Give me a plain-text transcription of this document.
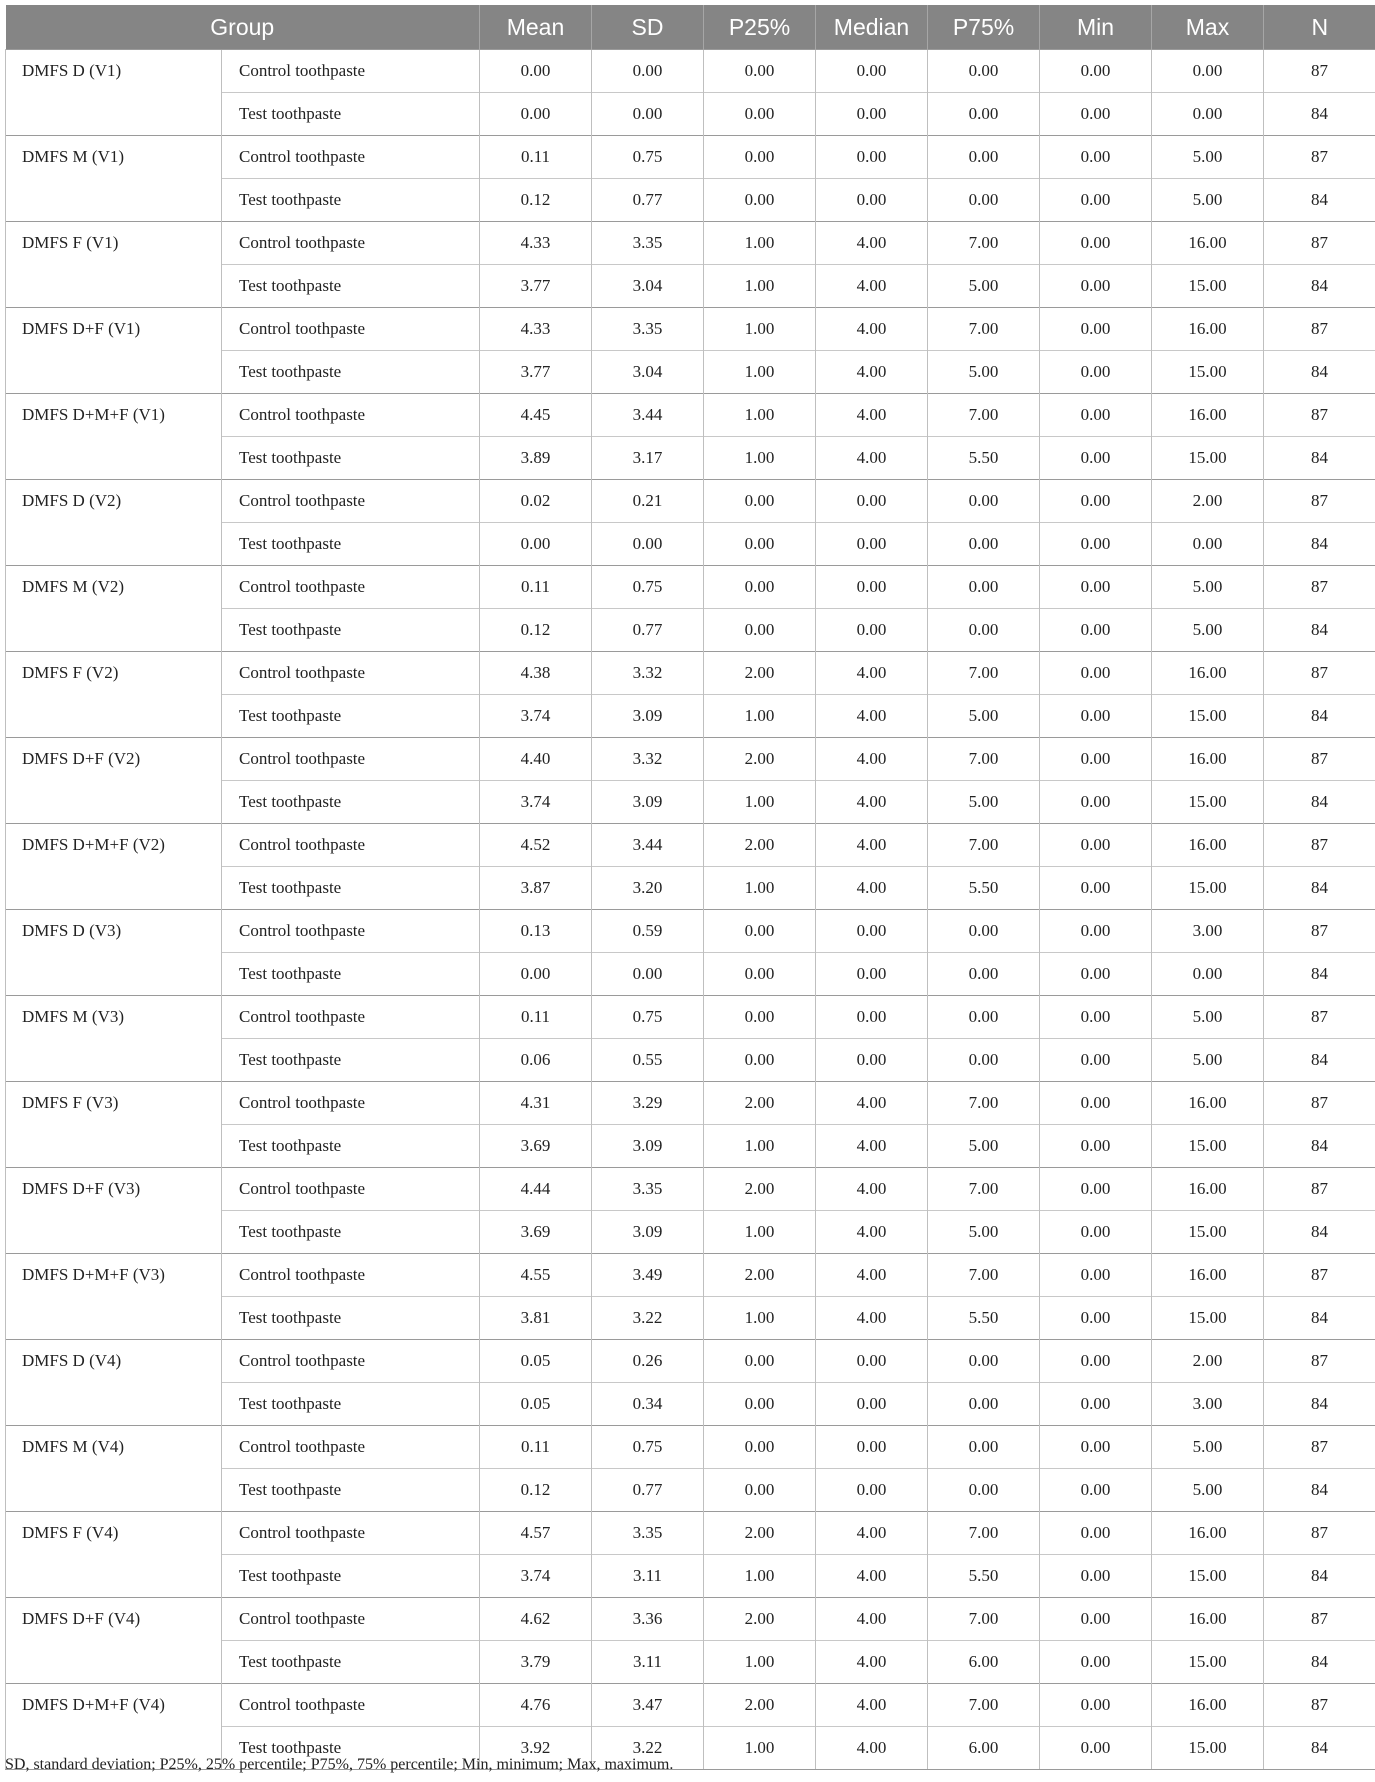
Group		Mean	SD	P25%	Median	P75%	Min	Max	N
DMFS D (V1)	Control toothpaste	0.00	0.00	0.00	0.00	0.00	0.00	0.00	87
	Test toothpaste	0.00	0.00	0.00	0.00	0.00	0.00	0.00	84
DMFS M (V1)	Control toothpaste	0.11	0.75	0.00	0.00	0.00	0.00	5.00	87
	Test toothpaste	0.12	0.77	0.00	0.00	0.00	0.00	5.00	84
DMFS F (V1)	Control toothpaste	4.33	3.35	1.00	4.00	7.00	0.00	16.00	87
	Test toothpaste	3.77	3.04	1.00	4.00	5.00	0.00	15.00	84
DMFS D+F (V1)	Control toothpaste	4.33	3.35	1.00	4.00	7.00	0.00	16.00	87
	Test toothpaste	3.77	3.04	1.00	4.00	5.00	0.00	15.00	84
DMFS D+M+F (V1)	Control toothpaste	4.45	3.44	1.00	4.00	7.00	0.00	16.00	87
	Test toothpaste	3.89	3.17	1.00	4.00	5.50	0.00	15.00	84
DMFS D (V2)	Control toothpaste	0.02	0.21	0.00	0.00	0.00	0.00	2.00	87
	Test toothpaste	0.00	0.00	0.00	0.00	0.00	0.00	0.00	84
DMFS M (V2)	Control toothpaste	0.11	0.75	0.00	0.00	0.00	0.00	5.00	87
	Test toothpaste	0.12	0.77	0.00	0.00	0.00	0.00	5.00	84
DMFS F (V2)	Control toothpaste	4.38	3.32	2.00	4.00	7.00	0.00	16.00	87
	Test toothpaste	3.74	3.09	1.00	4.00	5.00	0.00	15.00	84
DMFS D+F (V2)	Control toothpaste	4.40	3.32	2.00	4.00	7.00	0.00	16.00	87
	Test toothpaste	3.74	3.09	1.00	4.00	5.00	0.00	15.00	84
DMFS D+M+F (V2)	Control toothpaste	4.52	3.44	2.00	4.00	7.00	0.00	16.00	87
	Test toothpaste	3.87	3.20	1.00	4.00	5.50	0.00	15.00	84
DMFS D (V3)	Control toothpaste	0.13	0.59	0.00	0.00	0.00	0.00	3.00	87
	Test toothpaste	0.00	0.00	0.00	0.00	0.00	0.00	0.00	84
DMFS M (V3)	Control toothpaste	0.11	0.75	0.00	0.00	0.00	0.00	5.00	87
	Test toothpaste	0.06	0.55	0.00	0.00	0.00	0.00	5.00	84
DMFS F (V3)	Control toothpaste	4.31	3.29	2.00	4.00	7.00	0.00	16.00	87
	Test toothpaste	3.69	3.09	1.00	4.00	5.00	0.00	15.00	84
DMFS D+F (V3)	Control toothpaste	4.44	3.35	2.00	4.00	7.00	0.00	16.00	87
	Test toothpaste	3.69	3.09	1.00	4.00	5.00	0.00	15.00	84
DMFS D+M+F (V3)	Control toothpaste	4.55	3.49	2.00	4.00	7.00	0.00	16.00	87
	Test toothpaste	3.81	3.22	1.00	4.00	5.50	0.00	15.00	84
DMFS D (V4)	Control toothpaste	0.05	0.26	0.00	0.00	0.00	0.00	2.00	87
	Test toothpaste	0.05	0.34	0.00	0.00	0.00	0.00	3.00	84
DMFS M (V4)	Control toothpaste	0.11	0.75	0.00	0.00	0.00	0.00	5.00	87
	Test toothpaste	0.12	0.77	0.00	0.00	0.00	0.00	5.00	84
DMFS F (V4)	Control toothpaste	4.57	3.35	2.00	4.00	7.00	0.00	16.00	87
	Test toothpaste	3.74	3.11	1.00	4.00	5.50	0.00	15.00	84
DMFS D+F (V4)	Control toothpaste	4.62	3.36	2.00	4.00	7.00	0.00	16.00	87
	Test toothpaste	3.79	3.11	1.00	4.00	6.00	0.00	15.00	84
DMFS D+M+F (V4)	Control toothpaste	4.76	3.47	2.00	4.00	7.00	0.00	16.00	87
	Test toothpaste	3.92	3.22	1.00	4.00	6.00	0.00	15.00	84
SD, standard deviation; P25%, 25% percentile; P75%, 75% percentile; Min, minimum; Max, maximum.
